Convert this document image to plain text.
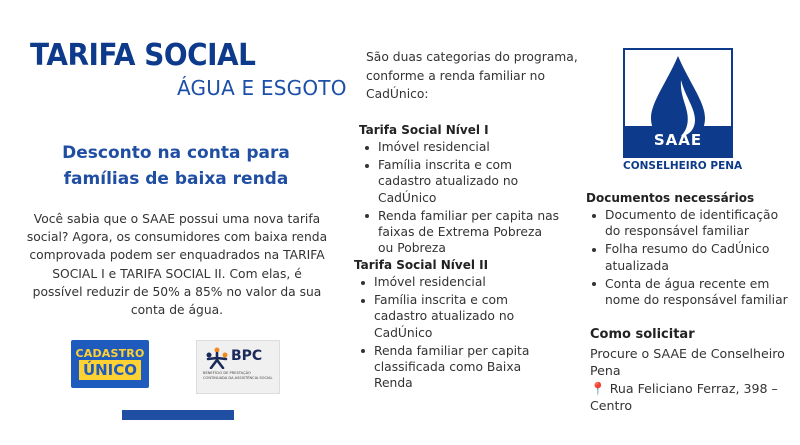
TARIFA SOCIAL
ÁGUA E ESGOTO
Desconto na conta para famílias de baixa renda
Você sabia que o SAAE possui uma nova tarifa social? Agora, os consumidores com baixa renda comprovada podem ser enquadrados na TARIFA SOCIAL I e TARIFA SOCIAL II. Com elas, é possível reduzir de 50% a 85% no valor da sua conta de água.
CADASTRO
ÚNICO
BPC
BENEFÍCIO DE PRESTAÇÃO CONTINUADA DA ASSISTÊNCIA SOCIAL
São duas categorias do programa, conforme a renda familiar no CadÚnico:
Tarifa Social Nível I
Imóvel residencial
Família inscrita e com cadastro atualizado no CadÚnico
Renda familiar per capita nas faixas de Extrema Pobreza ou Pobreza
Tarifa Social Nível II
Imóvel residencial
Família inscrita e com cadastro atualizado no CadÚnico
Renda familiar per capita classificada como Baixa Renda
SAAE
Serviço Autônomo de Água e Esgoto
CONSELHEIRO PENA
Documentos necessários
Documento de identificação do responsável familiar
Folha resumo do CadÚnico atualizada
Conta de água recente em nome do responsável familiar
Como solicitar
Procure o SAAE de Conselheiro Pena
📍 Rua Feliciano Ferraz, 398 – Centro
